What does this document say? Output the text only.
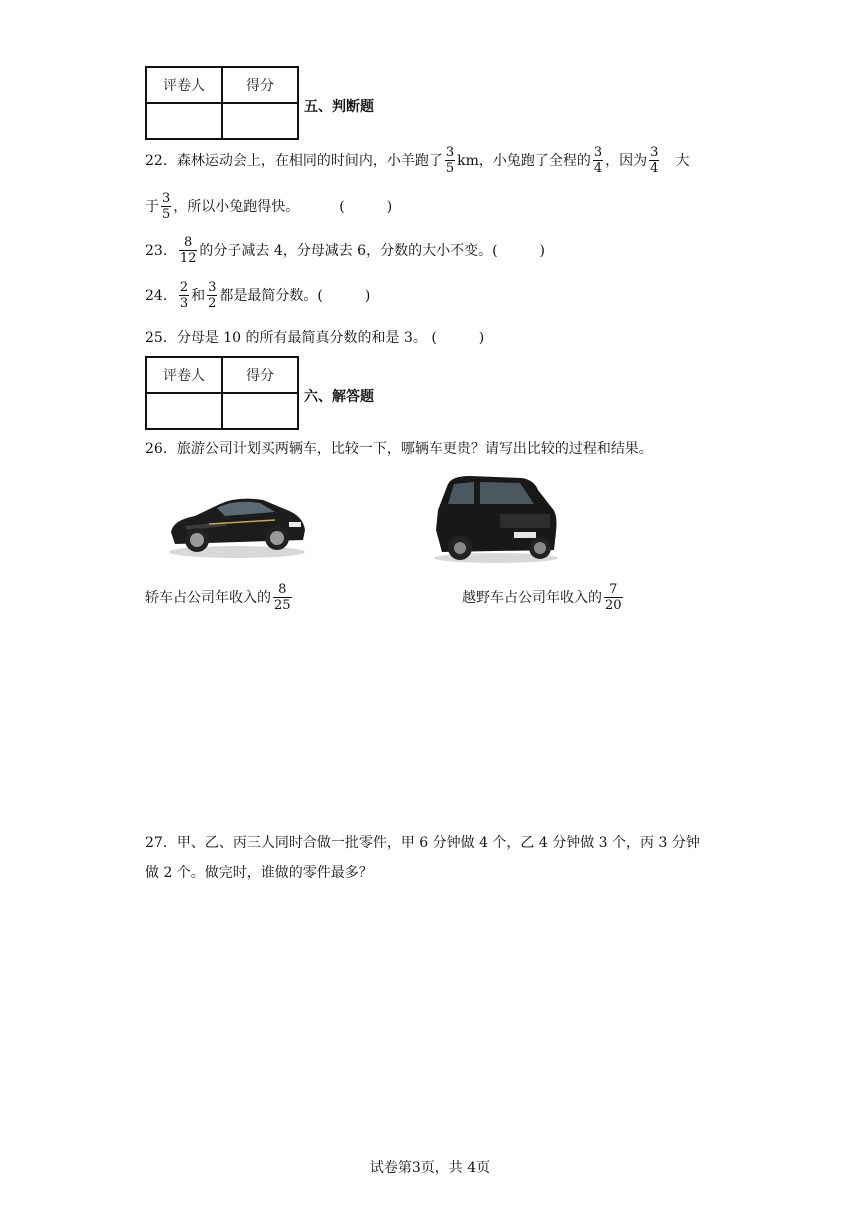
评卷人	得分

五、判断题
22．森林运动会上，在相同的时间内，小羊跑了 $\frac{3}{5}$ km，小兔跑了全程的 $\frac{3}{4}$ ，因为 $\frac{3}{4}$ 大
于 $\frac{3}{5}$ ，所以小兔跑得快。	(　　　)
23． $\frac{8}{12}$ 的分子减去 4，分母减去 6，分数的大小不变。(　　　)
24． $\frac{2}{3}$ 和 $\frac{3}{2}$ 都是最简分数。(　　　)
25．分母是 10 的所有最简真分数的和是 3。 (　　　)
评卷人	得分

六、解答题
26．旅游公司计划买两辆车，比较一下，哪辆车更贵？请写出比较的过程和结果。
轿车占公司年收入的 $\frac{8}{25}$	越野车占公司年收入的 $\frac{7}{20}$
27．甲、乙、丙三人同时合做一批零件，甲 6 分钟做 4 个，乙 4 分钟做 3 个，丙 3 分钟
做 2 个。做完时，谁做的零件最多？
试卷第3页，共 4页
